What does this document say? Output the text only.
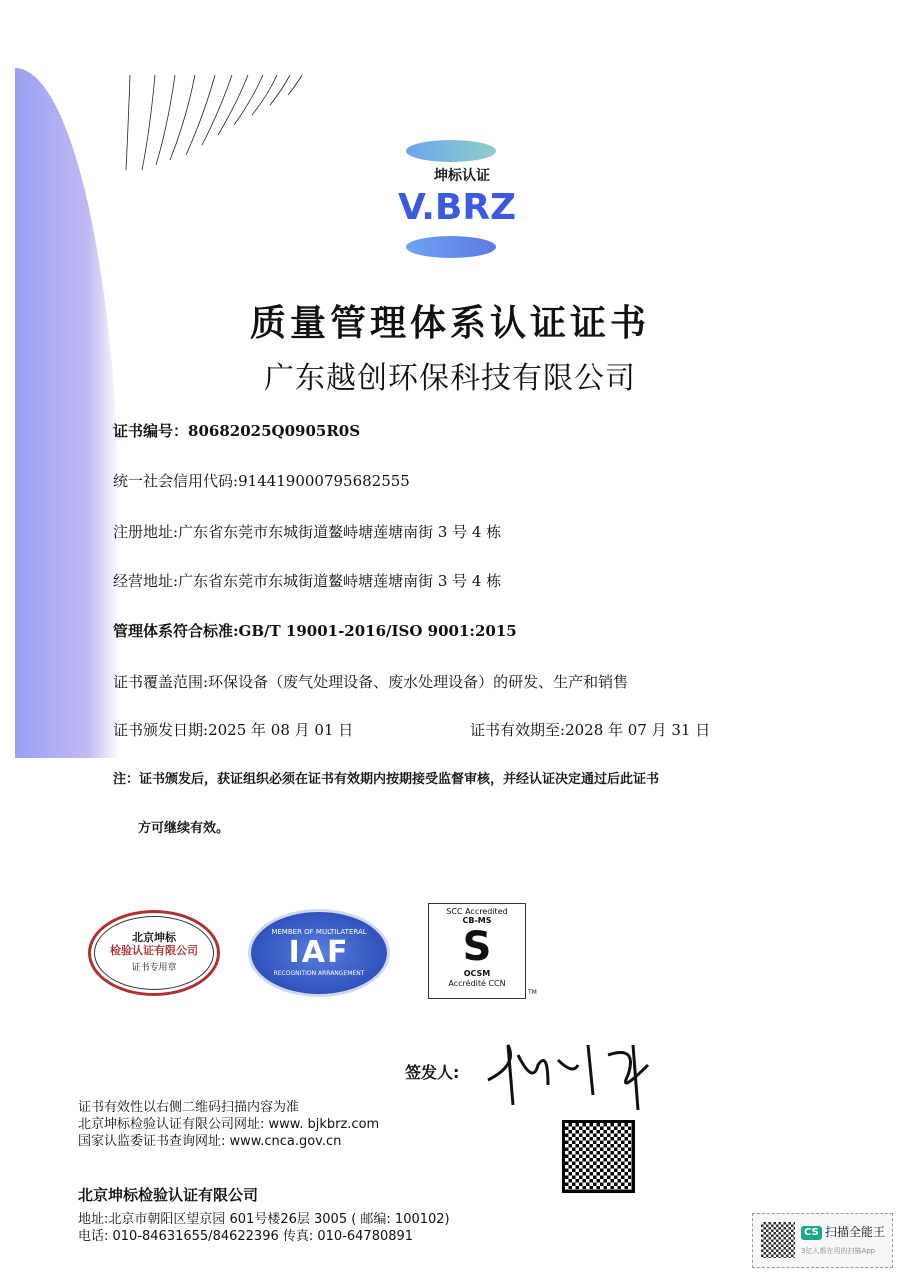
坤标认证
V.BRZ
质量管理体系认证证书
广东越创环保科技有限公司
证书编号：80682025Q0905R0S
统一社会信用代码:914419000795682555
注册地址:广东省东莞市东城街道鳌峙塘莲塘南街 3 号 4 栋
经营地址:广东省东莞市东城街道鳌峙塘莲塘南街 3 号 4 栋
管理体系符合标准:GB/T 19001-2016/ISO 9001:2015
证书覆盖范围:环保设备（废气处理设备、废水处理设备）的研发、生产和销售
证书颁发日期:2025 年 08 月 01 日	证书有效期至:2028 年 07 月 31 日
注：证书颁发后，获证组织必须在证书有效期内按期接受监督审核，并经认证决定通过后此证书
方可继续有效。
北京坤标
检验认证有限公司
证书专用章
MEMBER OF MULTILATERAL
IAF
RECOGNITION ARRANGEMENT
SCC Accredited
CB-MS
S
OCSM
Accrédité CCN
TM
签发人:
证书有效性以右侧二维码扫描内容为准
北京坤标检验认证有限公司网址: www. bjkbrz.com
国家认监委证书查询网址: www.cnca.gov.cn
北京坤标检验认证有限公司
地址:北京市朝阳区望京园 601号楼26层 3005 ( 邮编: 100102)
电话: 010-84631655/84622396 传真: 010-64780891	CS 扫描全能王
3亿人都在用的扫描App
